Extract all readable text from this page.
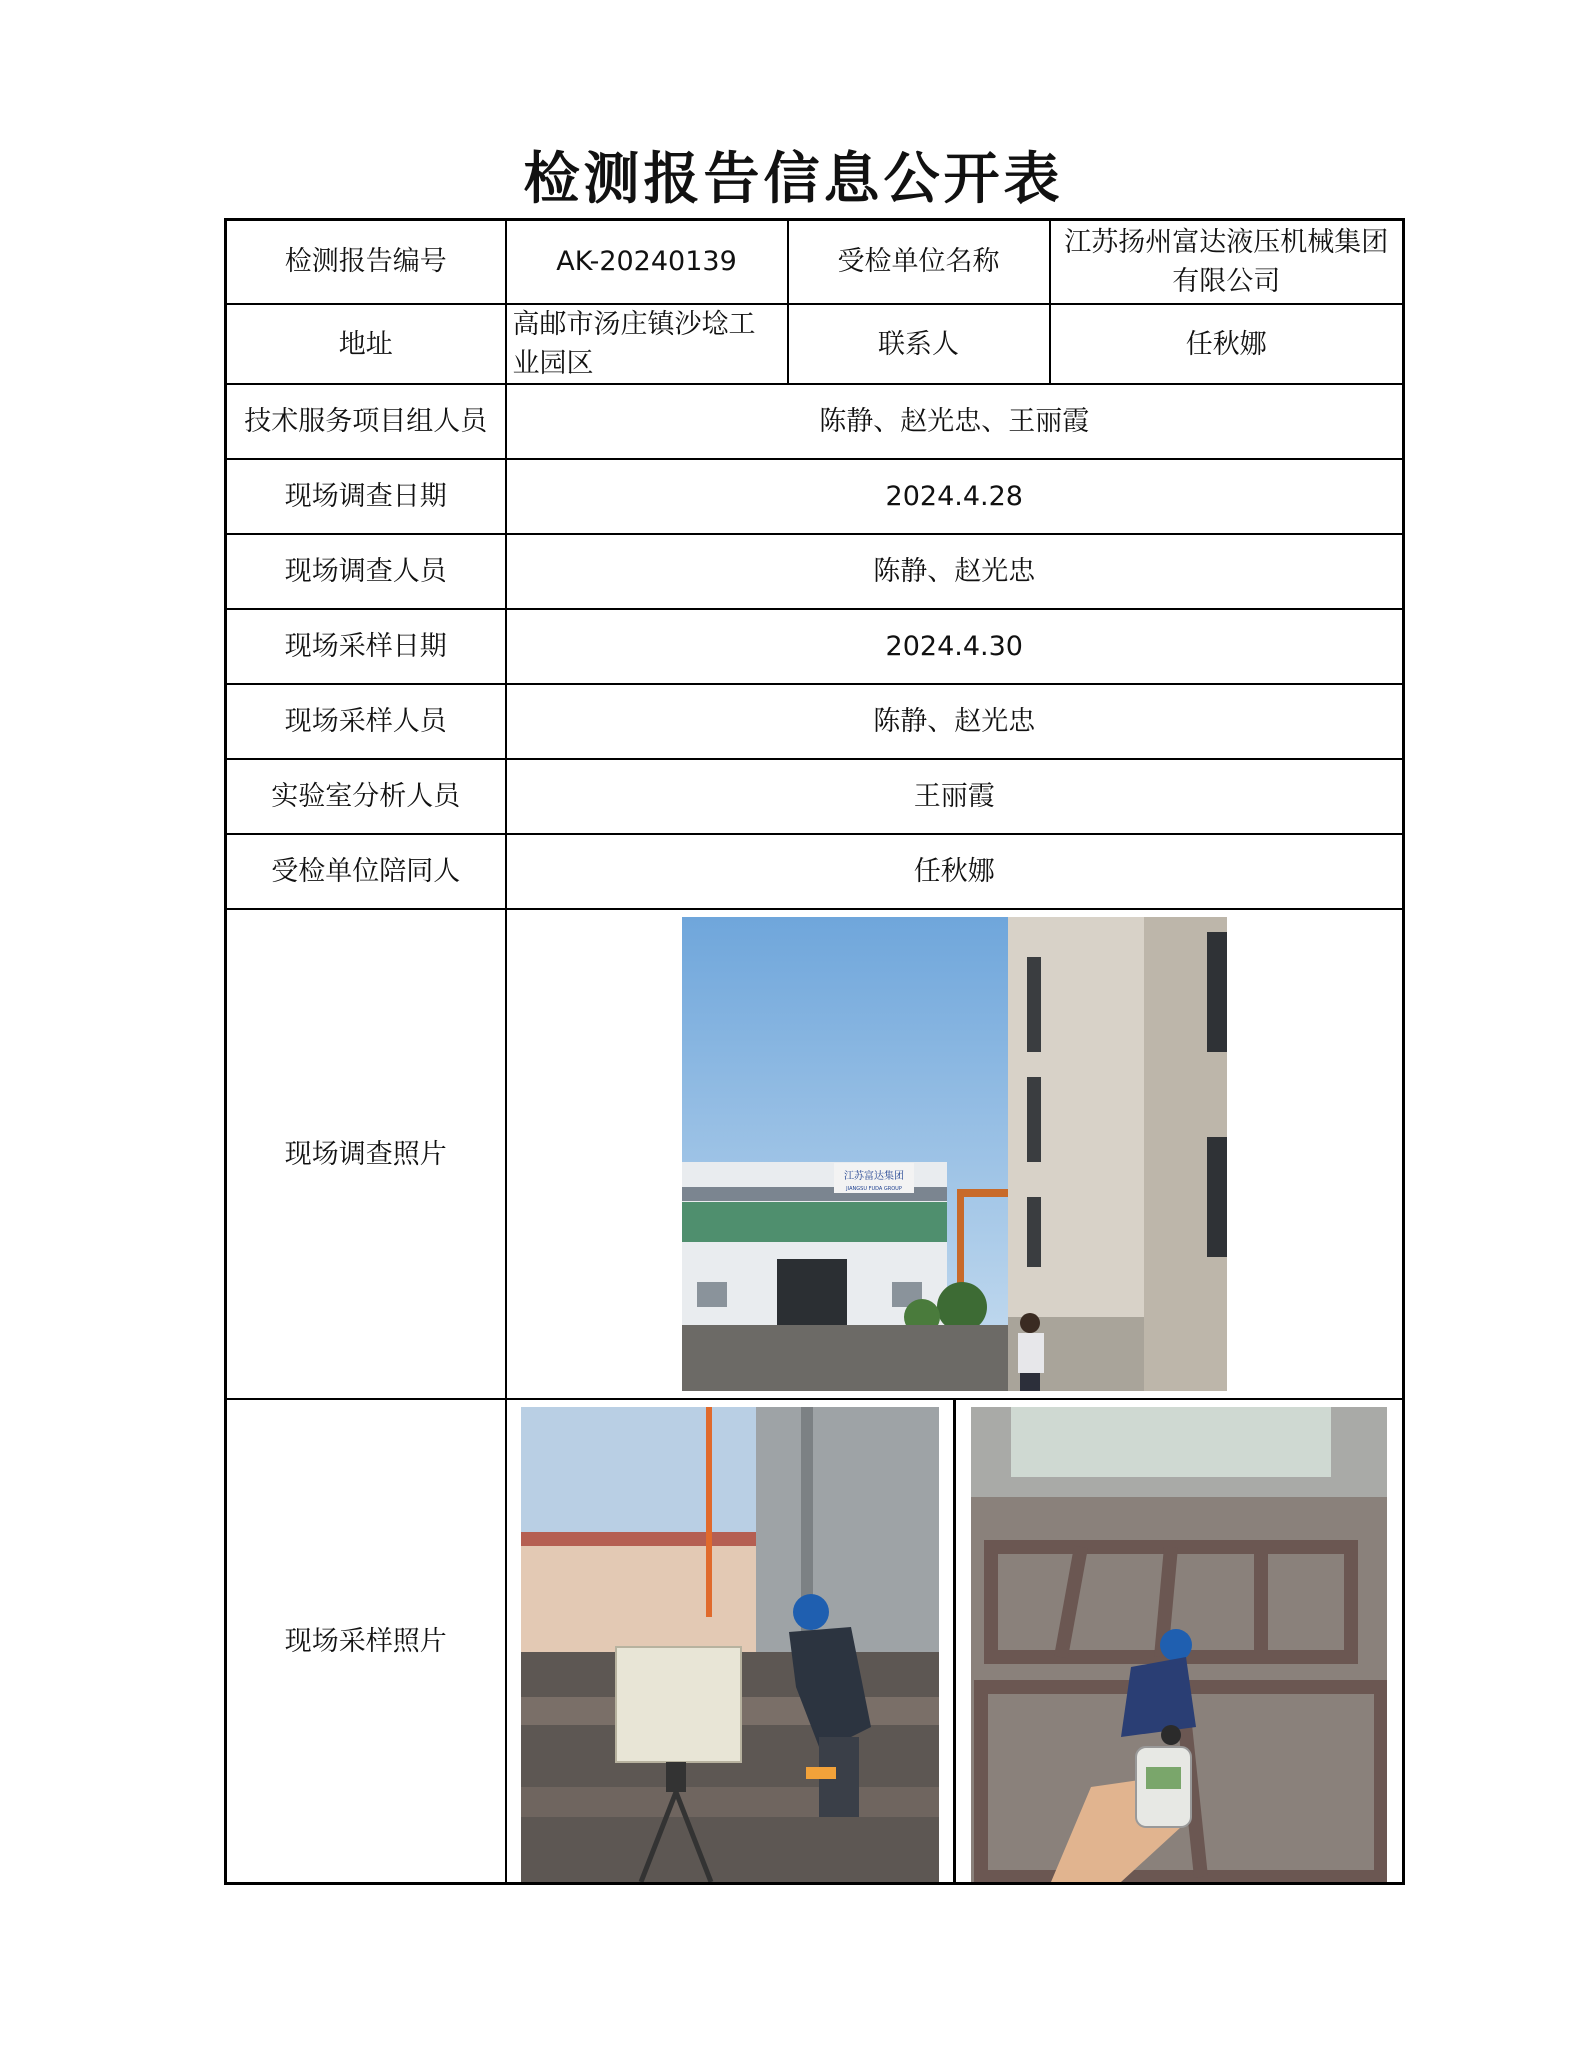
检测报告信息公开表
检测报告编号	AK-20240139	受检单位名称	江苏扬州富达液压机械集团有限公司
地址	高邮市汤庄镇沙埝工业园区	联系人	任秋娜
技术服务项目组人员	陈静、赵光忠、王丽霞		
现场调查日期	2024.4.28		
现场调查人员	陈静、赵光忠		
现场采样日期	2024.4.30		
现场采样人员	陈静、赵光忠		
实验室分析人员	王丽霞		
受检单位陪同人	任秋娜		
现场调查照片	江苏富达集团
JIANGSU FUDA GROUP		

现场采样照片	
